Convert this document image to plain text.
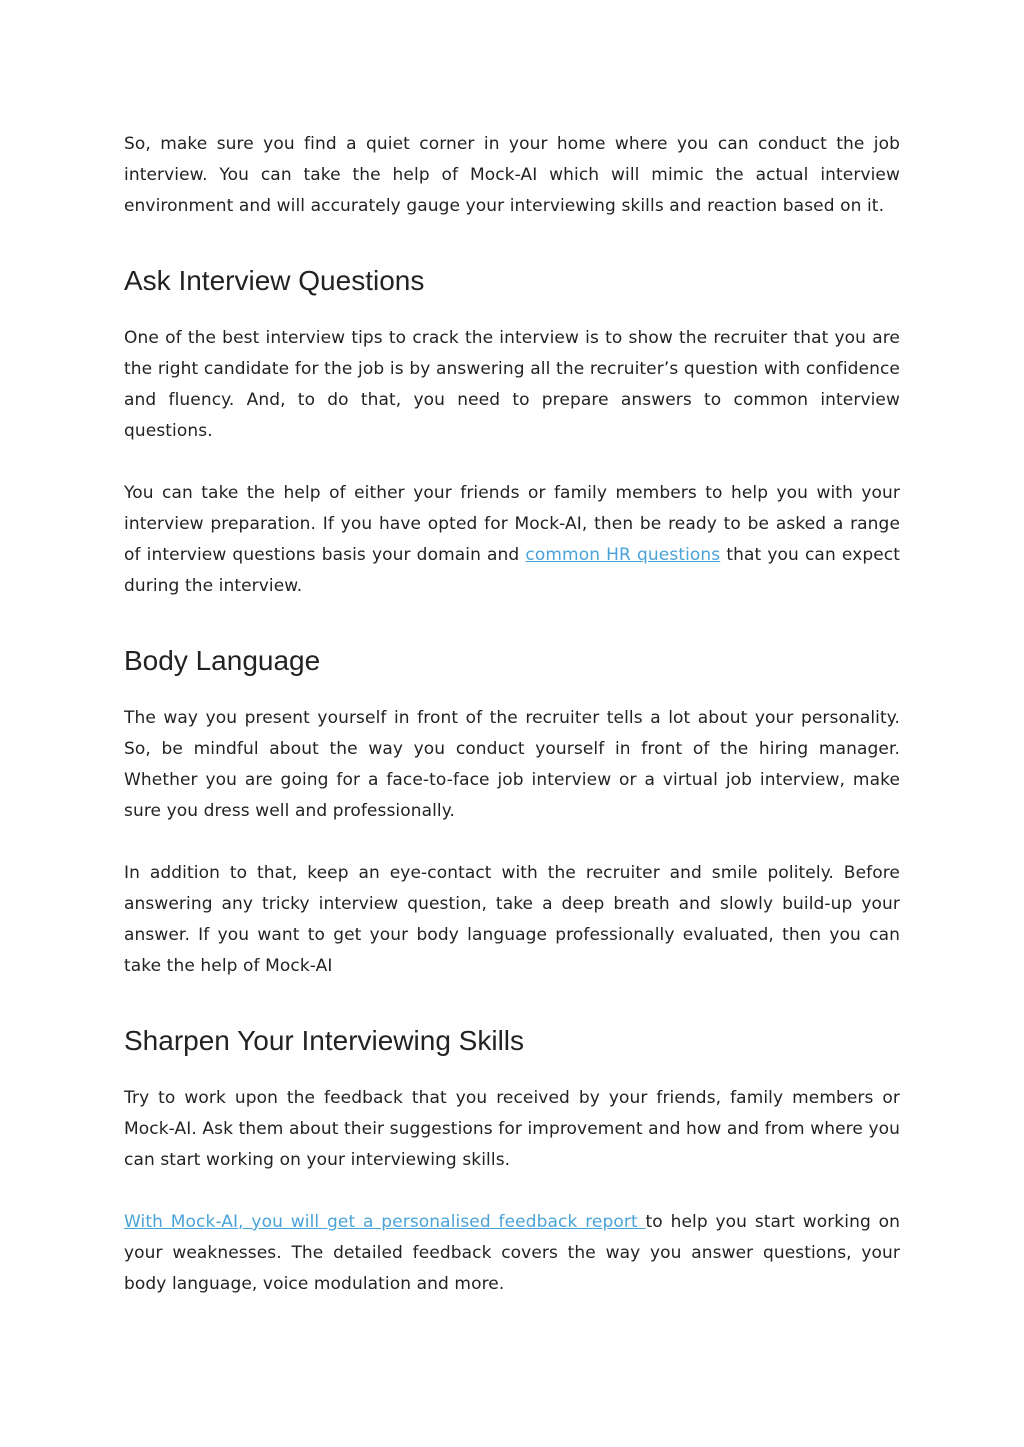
So, make sure you find a quiet corner in your home where you can conduct the job interview. You can take the help of Mock-AI which will mimic the actual interview environment and will accurately gauge your interviewing skills and reaction based on it.

Ask Interview Questions

One of the best interview tips to crack the interview is to show the recruiter that you are the right candidate for the job is by answering all the recruiter’s question with confidence and fluency. And, to do that, you need to prepare answers to common interview questions.

You can take the help of either your friends or family members to help you with your interview preparation. If you have opted for Mock-AI, then be ready to be asked a range of interview questions basis your domain and common HR questions that you can expect during the interview.

Body Language

The way you present yourself in front of the recruiter tells a lot about your personality. So, be mindful about the way you conduct yourself in front of the hiring manager. Whether you are going for a face-to-face job interview or a virtual job interview, make sure you dress well and professionally.

In addition to that, keep an eye-contact with the recruiter and smile politely. Before answering any tricky interview question, take a deep breath and slowly build-up your answer. If you want to get your body language professionally evaluated, then you can take the help of Mock-AI

Sharpen Your Interviewing Skills

Try to work upon the feedback that you received by your friends, family members or Mock-AI. Ask them about their suggestions for improvement and how and from where you can start working on your interviewing skills.

With Mock-AI, you will get a personalised feedback report to help you start working on your weaknesses. The detailed feedback covers the way you answer questions, your body language, voice modulation and more.
